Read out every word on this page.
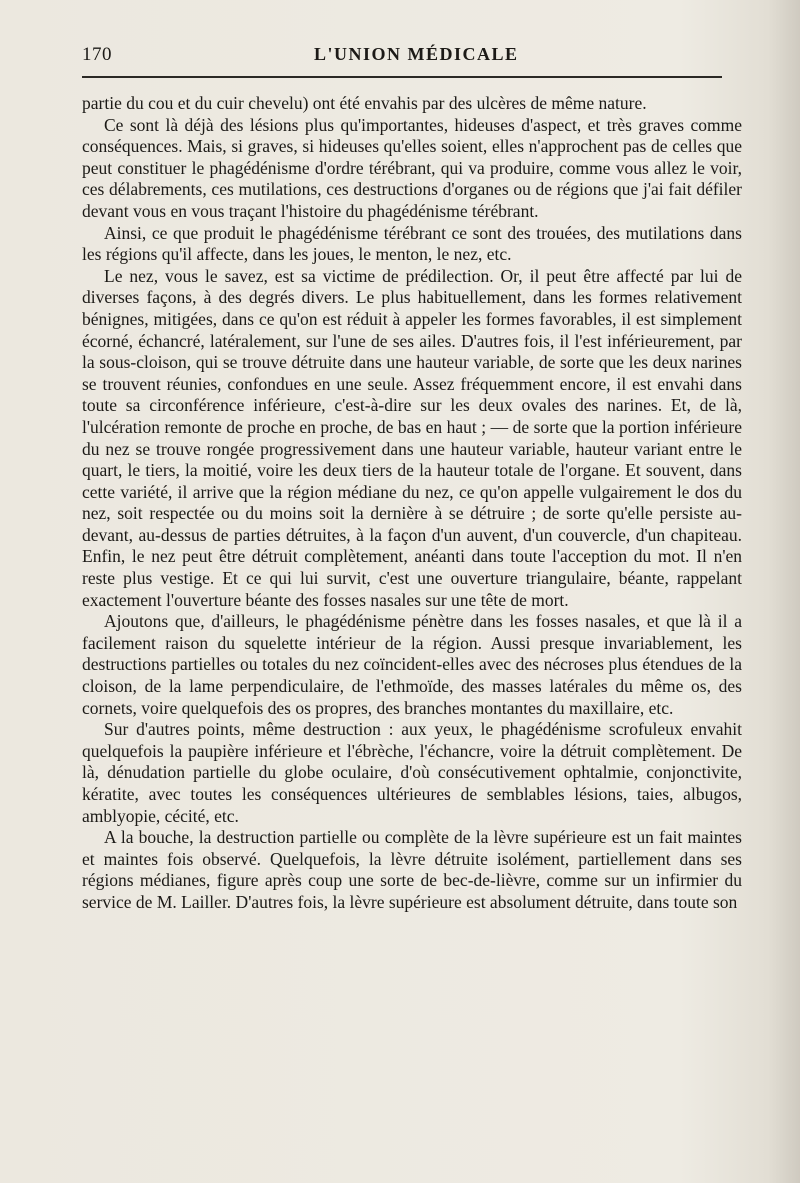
170	L'UNION MÉDICALE

partie du cou et du cuir chevelu) ont été envahis par des ulcères de même nature.

Ce sont là déjà des lésions plus qu'importantes, hideuses d'aspect, et très graves comme conséquences. Mais, si graves, si hideuses qu'elles soient, elles n'approchent pas de celles que peut constituer le phagédénisme d'ordre térébrant, qui va produire, comme vous allez le voir, ces délabrements, ces mutilations, ces destructions d'organes ou de régions que j'ai fait défiler devant vous en vous traçant l'histoire du phagédénisme térébrant.

Ainsi, ce que produit le phagédénisme térébrant ce sont des trouées, des mutilations dans les régions qu'il affecte, dans les joues, le menton, le nez, etc.

Le nez, vous le savez, est sa victime de prédilection. Or, il peut être affecté par lui de diverses façons, à des degrés divers. Le plus habituellement, dans les formes relativement bénignes, mitigées, dans ce qu'on est réduit à appeler les formes favorables, il est simplement écorné, échancré, latéralement, sur l'une de ses ailes. D'autres fois, il l'est inférieurement, par la sous-cloison, qui se trouve détruite dans une hauteur variable, de sorte que les deux narines se trouvent réunies, confondues en une seule. Assez fréquemment encore, il est envahi dans toute sa circonférence inférieure, c'est-à-dire sur les deux ovales des narines. Et, de là, l'ulcération remonte de proche en proche, de bas en haut ; — de sorte que la portion inférieure du nez se trouve rongée progressivement dans une hauteur variable, hauteur variant entre le quart, le tiers, la moitié, voire les deux tiers de la hauteur totale de l'organe. Et souvent, dans cette variété, il arrive que la région médiane du nez, ce qu'on appelle vulgairement le dos du nez, soit respectée ou du moins soit la dernière à se détruire ; de sorte qu'elle persiste au-devant, au-dessus de parties détruites, à la façon d'un auvent, d'un couvercle, d'un chapiteau. Enfin, le nez peut être détruit complètement, anéanti dans toute l'acception du mot. Il n'en reste plus vestige. Et ce qui lui survit, c'est une ouverture triangulaire, béante, rappelant exactement l'ouverture béante des fosses nasales sur une tête de mort.

Ajoutons que, d'ailleurs, le phagédénisme pénètre dans les fosses nasales, et que là il a facilement raison du squelette intérieur de la région. Aussi presque invariablement, les destructions partielles ou totales du nez coïncident-elles avec des nécroses plus étendues de la cloison, de la lame perpendiculaire, de l'ethmoïde, des masses latérales du même os, des cornets, voire quelquefois des os propres, des branches montantes du maxillaire, etc.

Sur d'autres points, même destruction : aux yeux, le phagédénisme scrofuleux envahit quelquefois la paupière inférieure et l'ébrèche, l'échancre, voire la détruit complètement. De là, dénudation partielle du globe oculaire, d'où consécutivement ophtalmie, conjonctivite, kératite, avec toutes les conséquences ultérieures de semblables lésions, taies, albugos, amblyopie, cécité, etc.

A la bouche, la destruction partielle ou complète de la lèvre supérieure est un fait maintes et maintes fois observé. Quelquefois, la lèvre détruite isolément, partiellement dans ses régions médianes, figure après coup une sorte de bec-de-lièvre, comme sur un infirmier du service de M. Lailler. D'autres fois, la lèvre supérieure est absolument détruite, dans toute son
